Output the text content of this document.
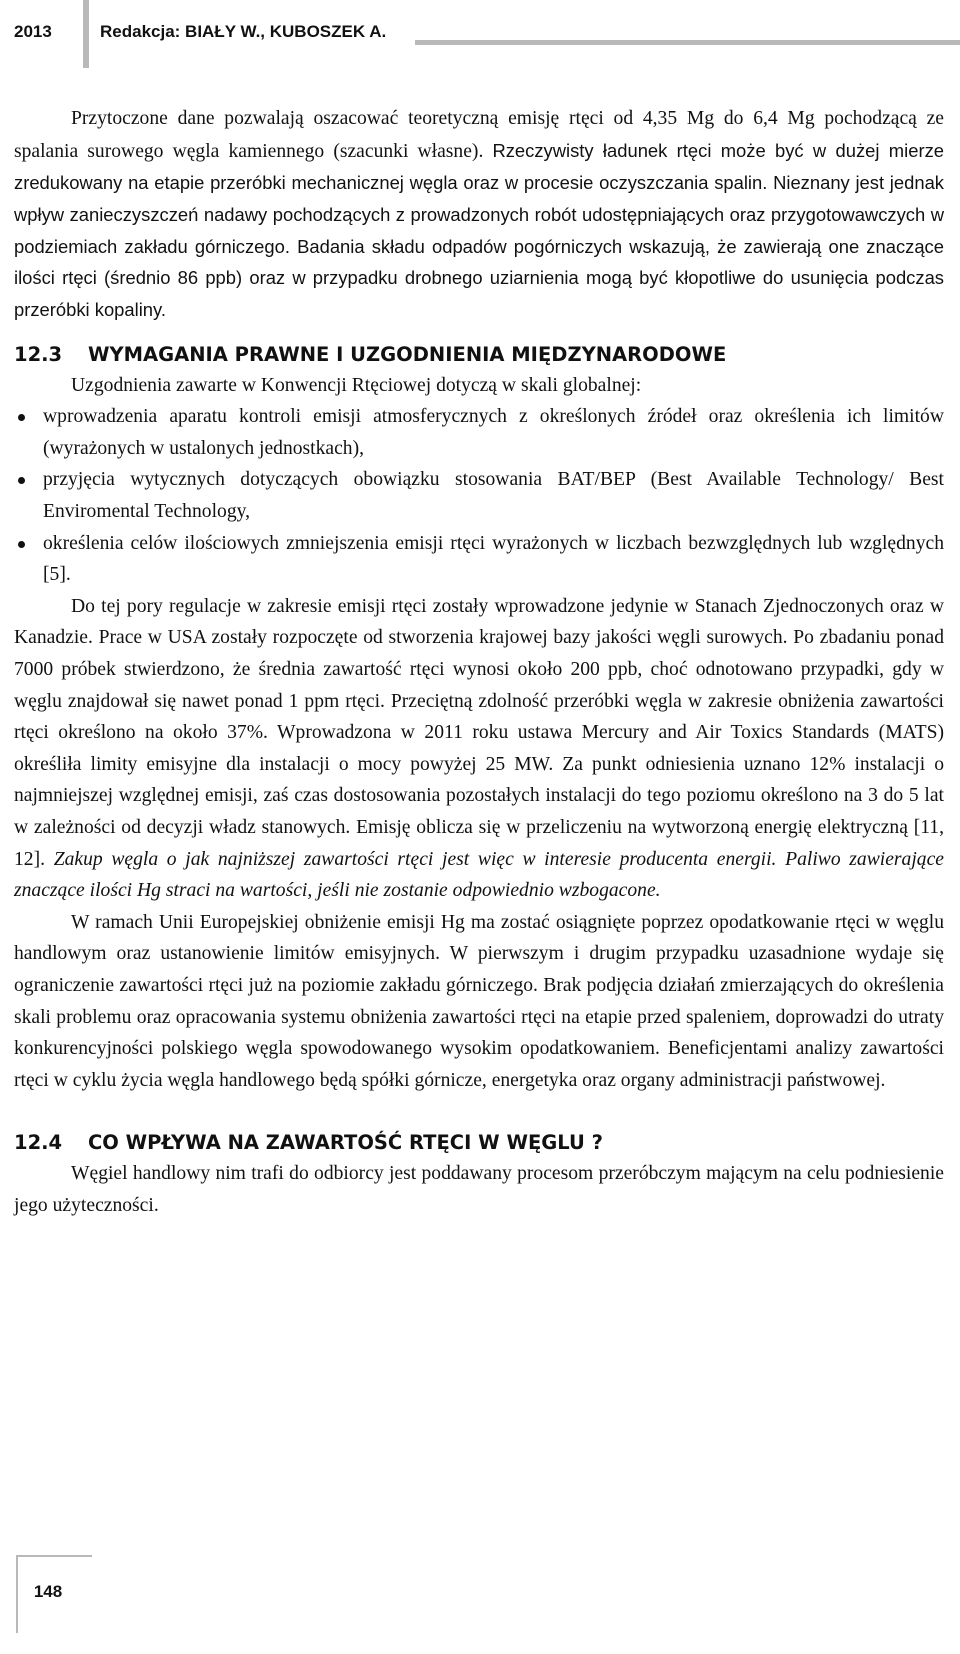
2013	Redakcja: BIAŁY W., KUBOSZEK A.

Przytoczone dane pozwalają oszacować teoretyczną emisję rtęci od 4,35 Mg do 6,4 Mg pochodzącą ze spalania surowego węgla kamiennego (szacunki własne). Rzeczywisty ładunek rtęci może być w dużej mierze zredukowany na etapie przeróbki mechanicznej węgla oraz w procesie oczyszczania spalin. Nieznany jest jednak wpływ zanieczyszczeń nadawy pochodzących z prowadzonych robót udostępniających oraz przygotowawczych w podziemiach zakładu górniczego. Badania składu odpadów pogórniczych wskazują, że zawierają one znaczące ilości rtęci (średnio 86 ppb) oraz w przypadku drobnego uziarnienia mogą być kłopotliwe do usunięcia podczas przeróbki kopaliny.

12.3 WYMAGANIA PRAWNE I UZGODNIENIA MIĘDZYNARODOWE

Uzgodnienia zawarte w Konwencji Rtęciowej dotyczą w skali globalnej:

wprowadzenia aparatu kontroli emisji atmosferycznych z określonych źródeł oraz określenia ich limitów (wyrażonych w ustalonych jednostkach),
przyjęcia wytycznych dotyczących obowiązku stosowania BAT/BEP (Best Available Technology/ Best Enviromental Technology,
określenia celów ilościowych zmniejszenia emisji rtęci wyrażonych w liczbach bezwzględnych lub względnych [5].

Do tej pory regulacje w zakresie emisji rtęci zostały wprowadzone jedynie w Stanach Zjednoczonych oraz w Kanadzie. Prace w USA zostały rozpoczęte od stworzenia krajowej bazy jakości węgli surowych. Po zbadaniu ponad 7000 próbek stwierdzono, że średnia zawartość rtęci wynosi około 200 ppb, choć odnotowano przypadki, gdy w węglu znajdował się nawet ponad 1 ppm rtęci. Przeciętną zdolność przeróbki węgla w zakresie obniżenia zawartości rtęci określono na około 37%. Wprowadzona w 2011 roku ustawa Mercury and Air Toxics Standards (MATS) określiła limity emisyjne dla instalacji o mocy powyżej 25 MW. Za punkt odniesienia uznano 12% instalacji o najmniejszej względnej emisji, zaś czas dostosowania pozostałych instalacji do tego poziomu określono na 3 do 5 lat w zależności od decyzji władz stanowych. Emisję oblicza się w przeliczeniu na wytworzoną energię elektryczną [11, 12]. Zakup węgla o jak najniższej zawartości rtęci jest więc w interesie producenta energii. Paliwo zawierające znaczące ilości Hg straci na wartości, jeśli nie zostanie odpowiednio wzbogacone.

W ramach Unii Europejskiej obniżenie emisji Hg ma zostać osiągnięte poprzez opodatkowanie rtęci w węglu handlowym oraz ustanowienie limitów emisyjnych. W pierwszym i drugim przypadku uzasadnione wydaje się ograniczenie zawartości rtęci już na poziomie zakładu górniczego. Brak podjęcia działań zmierzających do określenia skali problemu oraz opracowania systemu obniżenia zawartości rtęci na etapie przed spaleniem, doprowadzi do utraty konkurencyjności polskiego węgla spowodowanego wysokim opodatkowaniem. Beneficjentami analizy zawartości rtęci w cyklu życia węgla handlowego będą spółki górnicze, energetyka oraz organy administracji państwowej.

12.4 CO WPŁYWA NA ZAWARTOŚĆ RTĘCI W WĘGLU ?

Węgiel handlowy nim trafi do odbiorcy jest poddawany procesom przeróbczym mającym na celu podniesienie jego użyteczności.

148
